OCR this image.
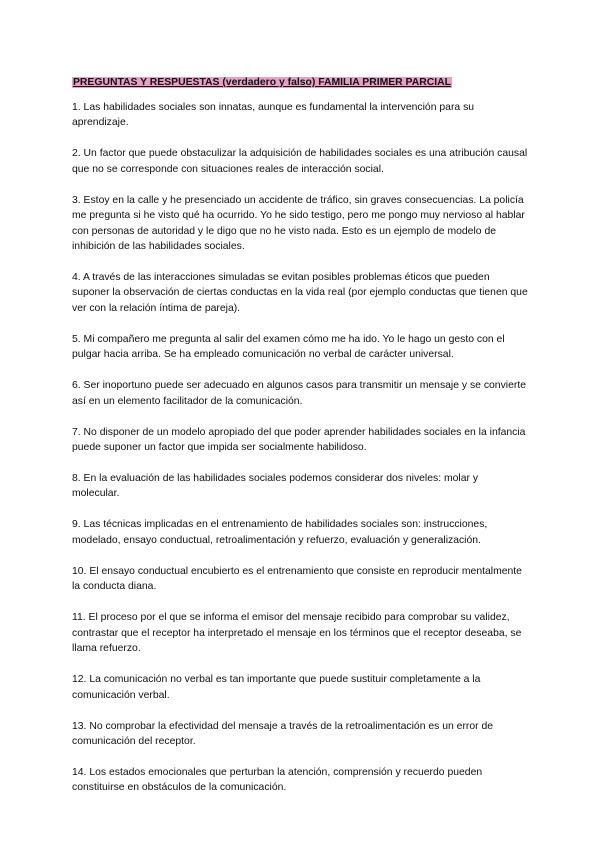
PREGUNTAS Y RESPUESTAS (verdadero y falso) FAMILIA PRIMER PARCIAL

1. Las habilidades sociales son innatas, aunque es fundamental la intervención para su aprendizaje.

2. Un factor que puede obstaculizar la adquisición de habilidades sociales es una atribución causal que no se corresponde con situaciones reales de interacción social.

3. Estoy en la calle y he presenciado un accidente de tráfico, sin graves consecuencias. La policía me pregunta si he visto qué ha ocurrido. Yo he sido testigo, pero me pongo muy nervioso al hablar con personas de autoridad y le digo que no he visto nada. Esto es un ejemplo de modelo de inhibición de las habilidades sociales.

4. A través de las interacciones simuladas se evitan posibles problemas éticos que pueden suponer la observación de ciertas conductas en la vida real (por ejemplo conductas que tienen que ver con la relación íntima de pareja).

5. Mi compañero me pregunta al salir del examen cómo me ha ido. Yo le hago un gesto con el pulgar hacia arriba. Se ha empleado comunicación no verbal de carácter universal.

6. Ser inoportuno puede ser adecuado en algunos casos para transmitir un mensaje y se convierte así en un elemento facilitador de la comunicación.

7. No disponer de un modelo apropiado del que poder aprender habilidades sociales en la infancia puede suponer un factor que impida ser socialmente habilidoso.

8. En la evaluación de las habilidades sociales podemos considerar dos niveles: molar y molecular.

9. Las técnicas implicadas en el entrenamiento de habilidades sociales son: instrucciones, modelado, ensayo conductual, retroalimentación y refuerzo, evaluación y generalización.

10. El ensayo conductual encubierto es el entrenamiento que consiste en reproducir mentalmente la conducta diana.

11. El proceso por el que se informa el emisor del mensaje recibido para comprobar su validez, contrastar que el receptor ha interpretado el mensaje en los términos que el receptor deseaba, se llama refuerzo.

12. La comunicación no verbal es tan importante que puede sustituir completamente a la comunicación verbal.

13. No comprobar la efectividad del mensaje a través de la retroalimentación es un error de comunicación del receptor.

14. Los estados emocionales que perturban la atención, comprensión y recuerdo pueden constituirse en obstáculos de la comunicación.
